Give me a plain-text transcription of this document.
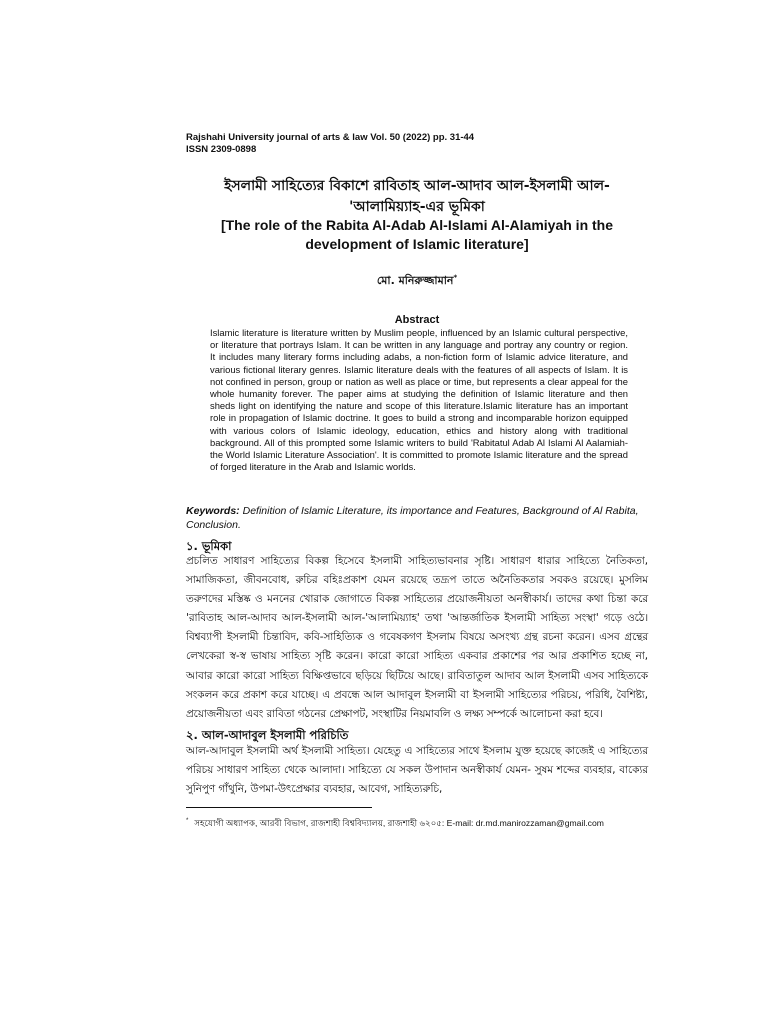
Rajshahi University journal of arts & law Vol. 50 (2022) pp. 31-44
ISSN 2309-0898
ইসলামী সাহিত্যের বিকাশে রাবিতাহ আল-আদাব আল-ইসলামী আল-'আলামিয়্যাহ-এর ভূমিকা
[The role of the Rabita Al-Adab Al-Islami Al-Alamiyah in the development of Islamic literature]
মো. মনিরুজ্জামান*
Abstract
Islamic literature is literature written by Muslim people, influenced by an Islamic cultural perspective, or literature that portrays Islam. It can be written in any language and portray any country or region. It includes many literary forms including adabs, a non-fiction form of Islamic advice literature, and various fictional literary genres. Islamic literature deals with the features of all aspects of Islam. It is not confined in person, group or nation as well as place or time, but represents a clear appeal for the whole humanity forever. The paper aims at studying the definition of Islamic literature and then sheds light on identifying the nature and scope of this literature.Islamic literature has an important role in propagation of Islamic doctrine. It goes to build a strong and incomparable horizon equipped with various colors of Islamic ideology, education, ethics and history along with traditional background. All of this prompted some Islamic writers to build 'Rabitatul Adab Al Islami Al Aalamiah- the World Islamic Literature Association'. It is committed to promote Islamic literature and the spread of forged literature in the Arab and Islamic worlds.
Keywords: Definition of Islamic Literature, its importance and Features, Background of Al Rabita, Conclusion.
১. ভূমিকা
প্রচলিত সাধারণ সাহিত্যের বিকল্প হিসেবে ইসলামী সাহিত্যভাবনার সৃষ্টি। সাধারণ ধারার সাহিত্যে নৈতিকতা, সামাজিকতা, জীবনবোধ, রুচির বহিঃপ্রকাশ যেমন রয়েছে তদ্রূপ তাতে অনৈতিকতার সবকও রয়েছে। মুসলিম তরুণদের মস্তিষ্ক ও মননের খোরাক জোগাতে বিকল্প সাহিত্যের প্রয়োজনীয়তা অনস্বীকার্য। তাদের কথা চিন্তা করে 'রাবিতাহ আল-আদাব আল-ইসলামী আল-'আলামিয়্যাহ' তথা 'আন্তর্জাতিক ইসলামী সাহিত্য সংস্থা' গড়ে ওঠে। বিশ্বব্যাপী ইসলামী চিন্তাবিদ, কবি-সাহিত্যিক ও গবেষকগণ ইসলাম বিষয়ে অসংখ্য গ্রন্থ রচনা করেন। এসব গ্রন্থের লেখকেরা স্ব-স্ব ভাষায় সাহিত্য সৃষ্টি করেন। কারো কারো সাহিত্য একবার প্রকাশের পর আর প্রকাশিত হচ্ছে না, আবার কারো কারো সাহিত্য বিক্ষিপ্তভাবে ছড়িয়ে ছিটিয়ে আছে। রাবিতাতুল আদাব আল ইসলামী এসব সাহিত্যকে সংকলন করে প্রকাশ করে যাচ্ছে। এ প্রবন্ধে আল আদাবুল ইসলামী বা ইসলামী সাহিত্যের পরিচয়, পরিধি, বৈশিষ্ট্য, প্রয়োজনীয়তা এবং রাবিতা গঠনের প্রেক্ষাপট, সংস্থাটির নিয়মাবলি ও লক্ষ্য সম্পর্কে আলোচনা করা হবে।
২. আল-আদাবুল ইসলামী পরিচিতি
আল-আদাবুল ইসলামী অর্থ ইসলামী সাহিত্য। যেহেতু এ সাহিত্যের সাথে ইসলাম যুক্ত হয়েছে কাজেই এ সাহিত্যের পরিচয় সাধারণ সাহিত্য থেকে আলাদা। সাহিত্যে যে সকল উপাদান অনস্বীকার্য যেমন- সুষম শব্দের ব্যবহার, বাক্যের সুনিপুণ গাঁথুনি, উপমা-উৎপ্রেক্ষার ব্যবহার, আবেগ, সাহিত্যরুচি,
* সহযোগী অধ্যাপক, আরবী বিভাগ, রাজশাহী বিশ্ববিদ্যালয়, রাজশাহী ৬২০৫: E-mail: dr.md.manirozzaman@gmail.com
